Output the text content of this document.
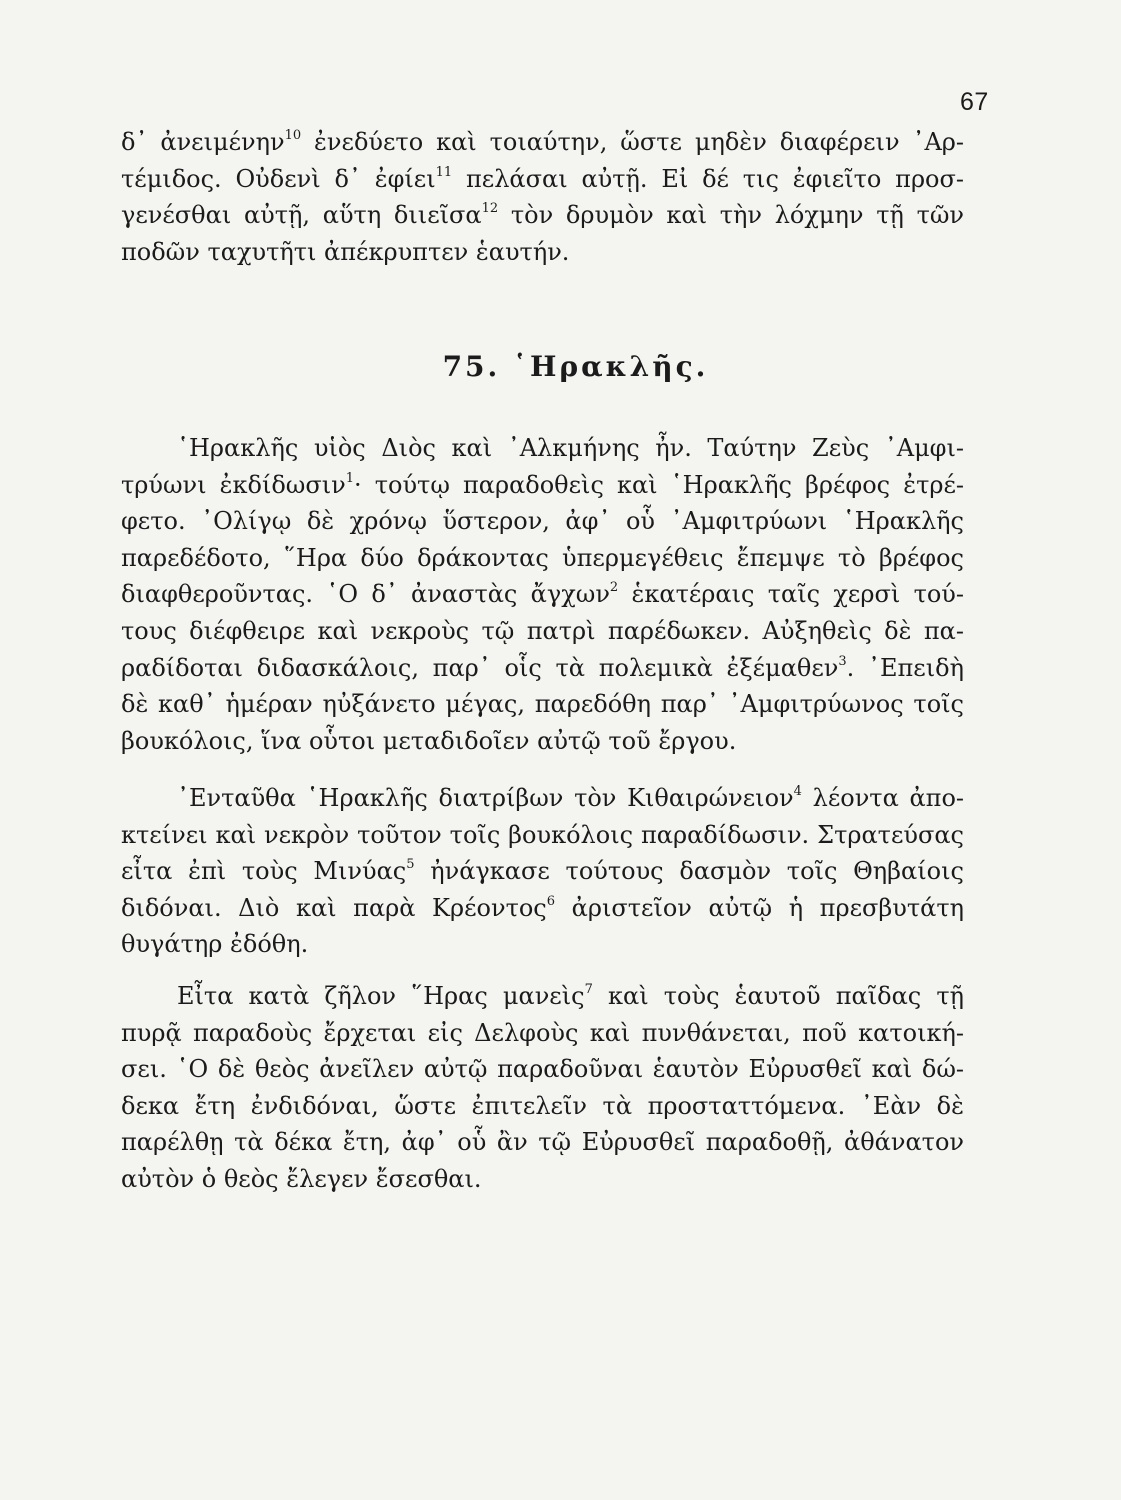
67
δ᾿ ἀνειμένην$^{10}$ ἐνεδύετο καὶ τοιαύτην, ὥστε μηδὲν διαφέρειν ᾿Αρ-
τέμιδος. Οὐδενὶ δ᾿ ἐφίει$^{11}$ πελάσαι αὐτῇ. Εἰ δέ τις ἐφιεῖτο προσ-
γενέσθαι αὐτῇ, αὕτη διιεῖσα$^{12}$ τὸν δρυμὸν καὶ τὴν λόχμην τῇ τῶν
ποδῶν ταχυτῆτι ἀπέκρυπτεν ἑαυτήν.
75. ῾Ηρακλῆς.
῾Ηρακλῆς υἱὸς Διὸς καὶ ᾿Αλκμήνης ἦν. Ταύτην Ζεὺς ᾿Αμφι-
τρύωνι ἐκδίδωσιν$^1$· τούτῳ παραδοθεὶς καὶ ῾Ηρακλῆς βρέφος ἐτρέ-
φετο. ᾿Ολίγῳ δὲ χρόνῳ ὕστερον, ἀφ᾿ οὗ ᾿Αμφιτρύωνι ῾Ηρακλῆς
παρεδέδοτο, ῞Ηρα δύο δράκοντας ὑπερμεγέθεις ἔπεμψε τὸ βρέφος
διαφθεροῦντας. ῾Ο δ᾿ ἀναστὰς ἄγχων$^2$ ἑκατέραις ταῖς χερσὶ τού-
τους διέφθειρε καὶ νεκροὺς τῷ πατρὶ παρέδωκεν. Αὐξηθεὶς δὲ πα-
ραδίδοται διδασκάλοις, παρ᾿ οἷς τὰ πολεμικὰ ἐξέμαθεν$^3$. ᾿Επειδὴ
δὲ καθ᾿ ἡμέραν ηὐξάνετο μέγας, παρεδόθη παρ᾿ ᾿Αμφιτρύωνος τοῖς
βουκόλοις, ἵνα οὗτοι μεταδιδοῖεν αὐτῷ τοῦ ἔργου.
᾿Ενταῦθα ῾Ηρακλῆς διατρίβων τὸν Κιθαιρώνειον$^4$ λέοντα ἀπο-
κτείνει καὶ νεκρὸν τοῦτον τοῖς βουκόλοις παραδίδωσιν. Στρατεύσας
εἶτα ἐπὶ τοὺς Μινύας$^5$ ἠνάγκασε τούτους δασμὸν τοῖς Θηβαίοις
διδόναι. Διὸ καὶ παρὰ Κρέοντος$^6$ ἀριστεῖον αὐτῷ ἡ πρεσβυτάτη
θυγάτηρ ἐδόθη.
Εἶτα κατὰ ζῆλον ῞Ηρας μανεὶς$^7$ καὶ τοὺς ἑαυτοῦ παῖδας τῇ
πυρᾷ παραδοὺς ἔρχεται εἰς Δελφοὺς καὶ πυνθάνεται, ποῦ κατοική-
σει. ῾Ο δὲ θεὸς ἀνεῖλεν αὐτῷ παραδοῦναι ἑαυτὸν Εὐρυσθεῖ καὶ δώ-
δεκα ἔτη ἐνδιδόναι, ὥστε ἐπιτελεῖν τὰ προσταττόμενα. ᾿Εὰν δὲ
παρέλθῃ τὰ δέκα ἔτη, ἀφ᾿ οὗ ἂν τῷ Εὐρυσθεῖ παραδοθῇ, ἀθάνατον
αὐτὸν ὁ θεὸς ἔλεγεν ἔσεσθαι.
